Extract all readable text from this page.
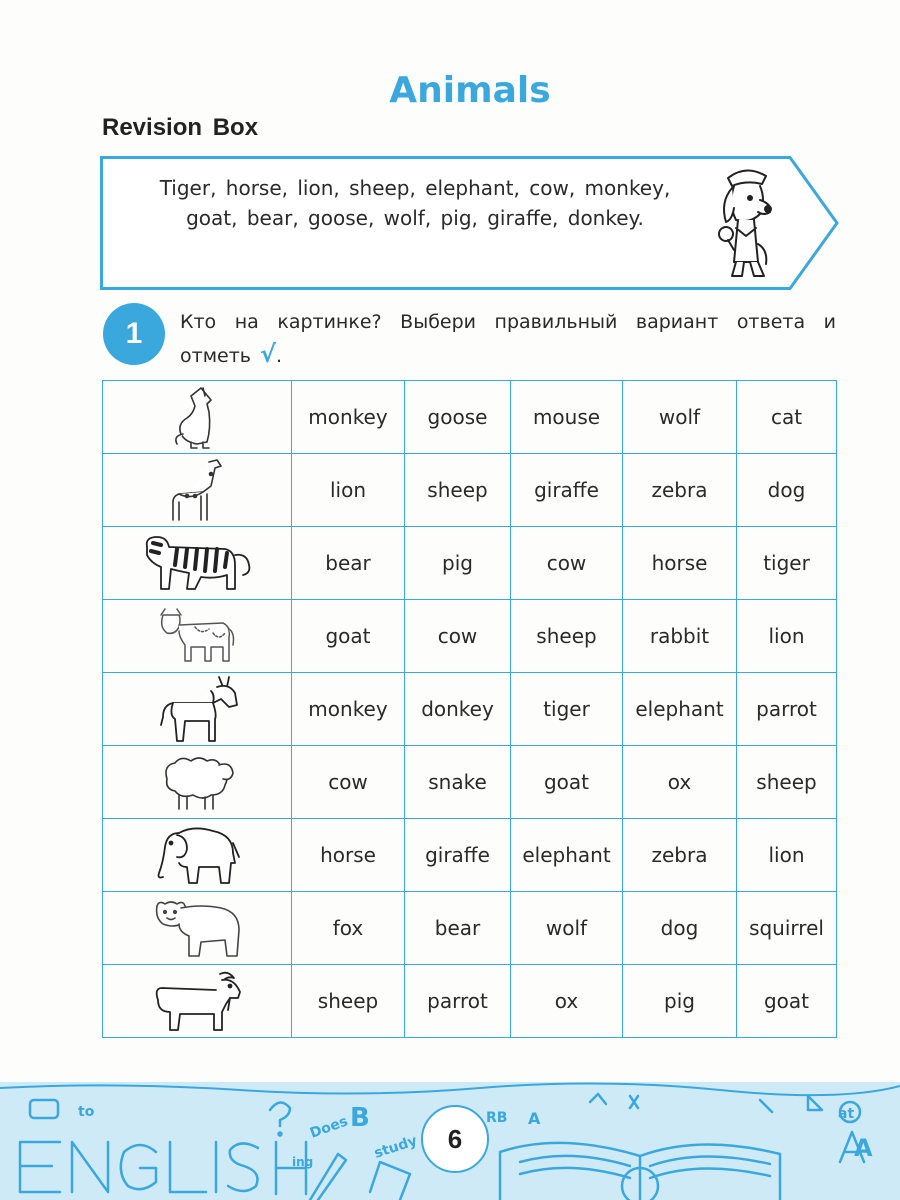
Animals
Revision Box
Tiger, horse, lion, sheep, elephant, cow, monkey,
goat, bear, goose, wolf, pig, giraffe, donkey.
1	Кто на картинке? Выбери правильный вариант ответа и отметь √.
	monkey	goose	mouse	wolf	cat

	lion	sheep	giraffe	zebra	dog

	bear	pig	cow	horse	tiger

	goat	cow	sheep	rabbit	lion

	monkey	donkey	tiger	elephant	parrot

	cow	snake	goat	ox	sheep

	horse	giraffe	elephant	zebra	lion

	fox	bear	wolf	dog	squirrel

	sheep	parrot	ox	pig	goat
to
ing
Does B
study
RB A	at
A
6
